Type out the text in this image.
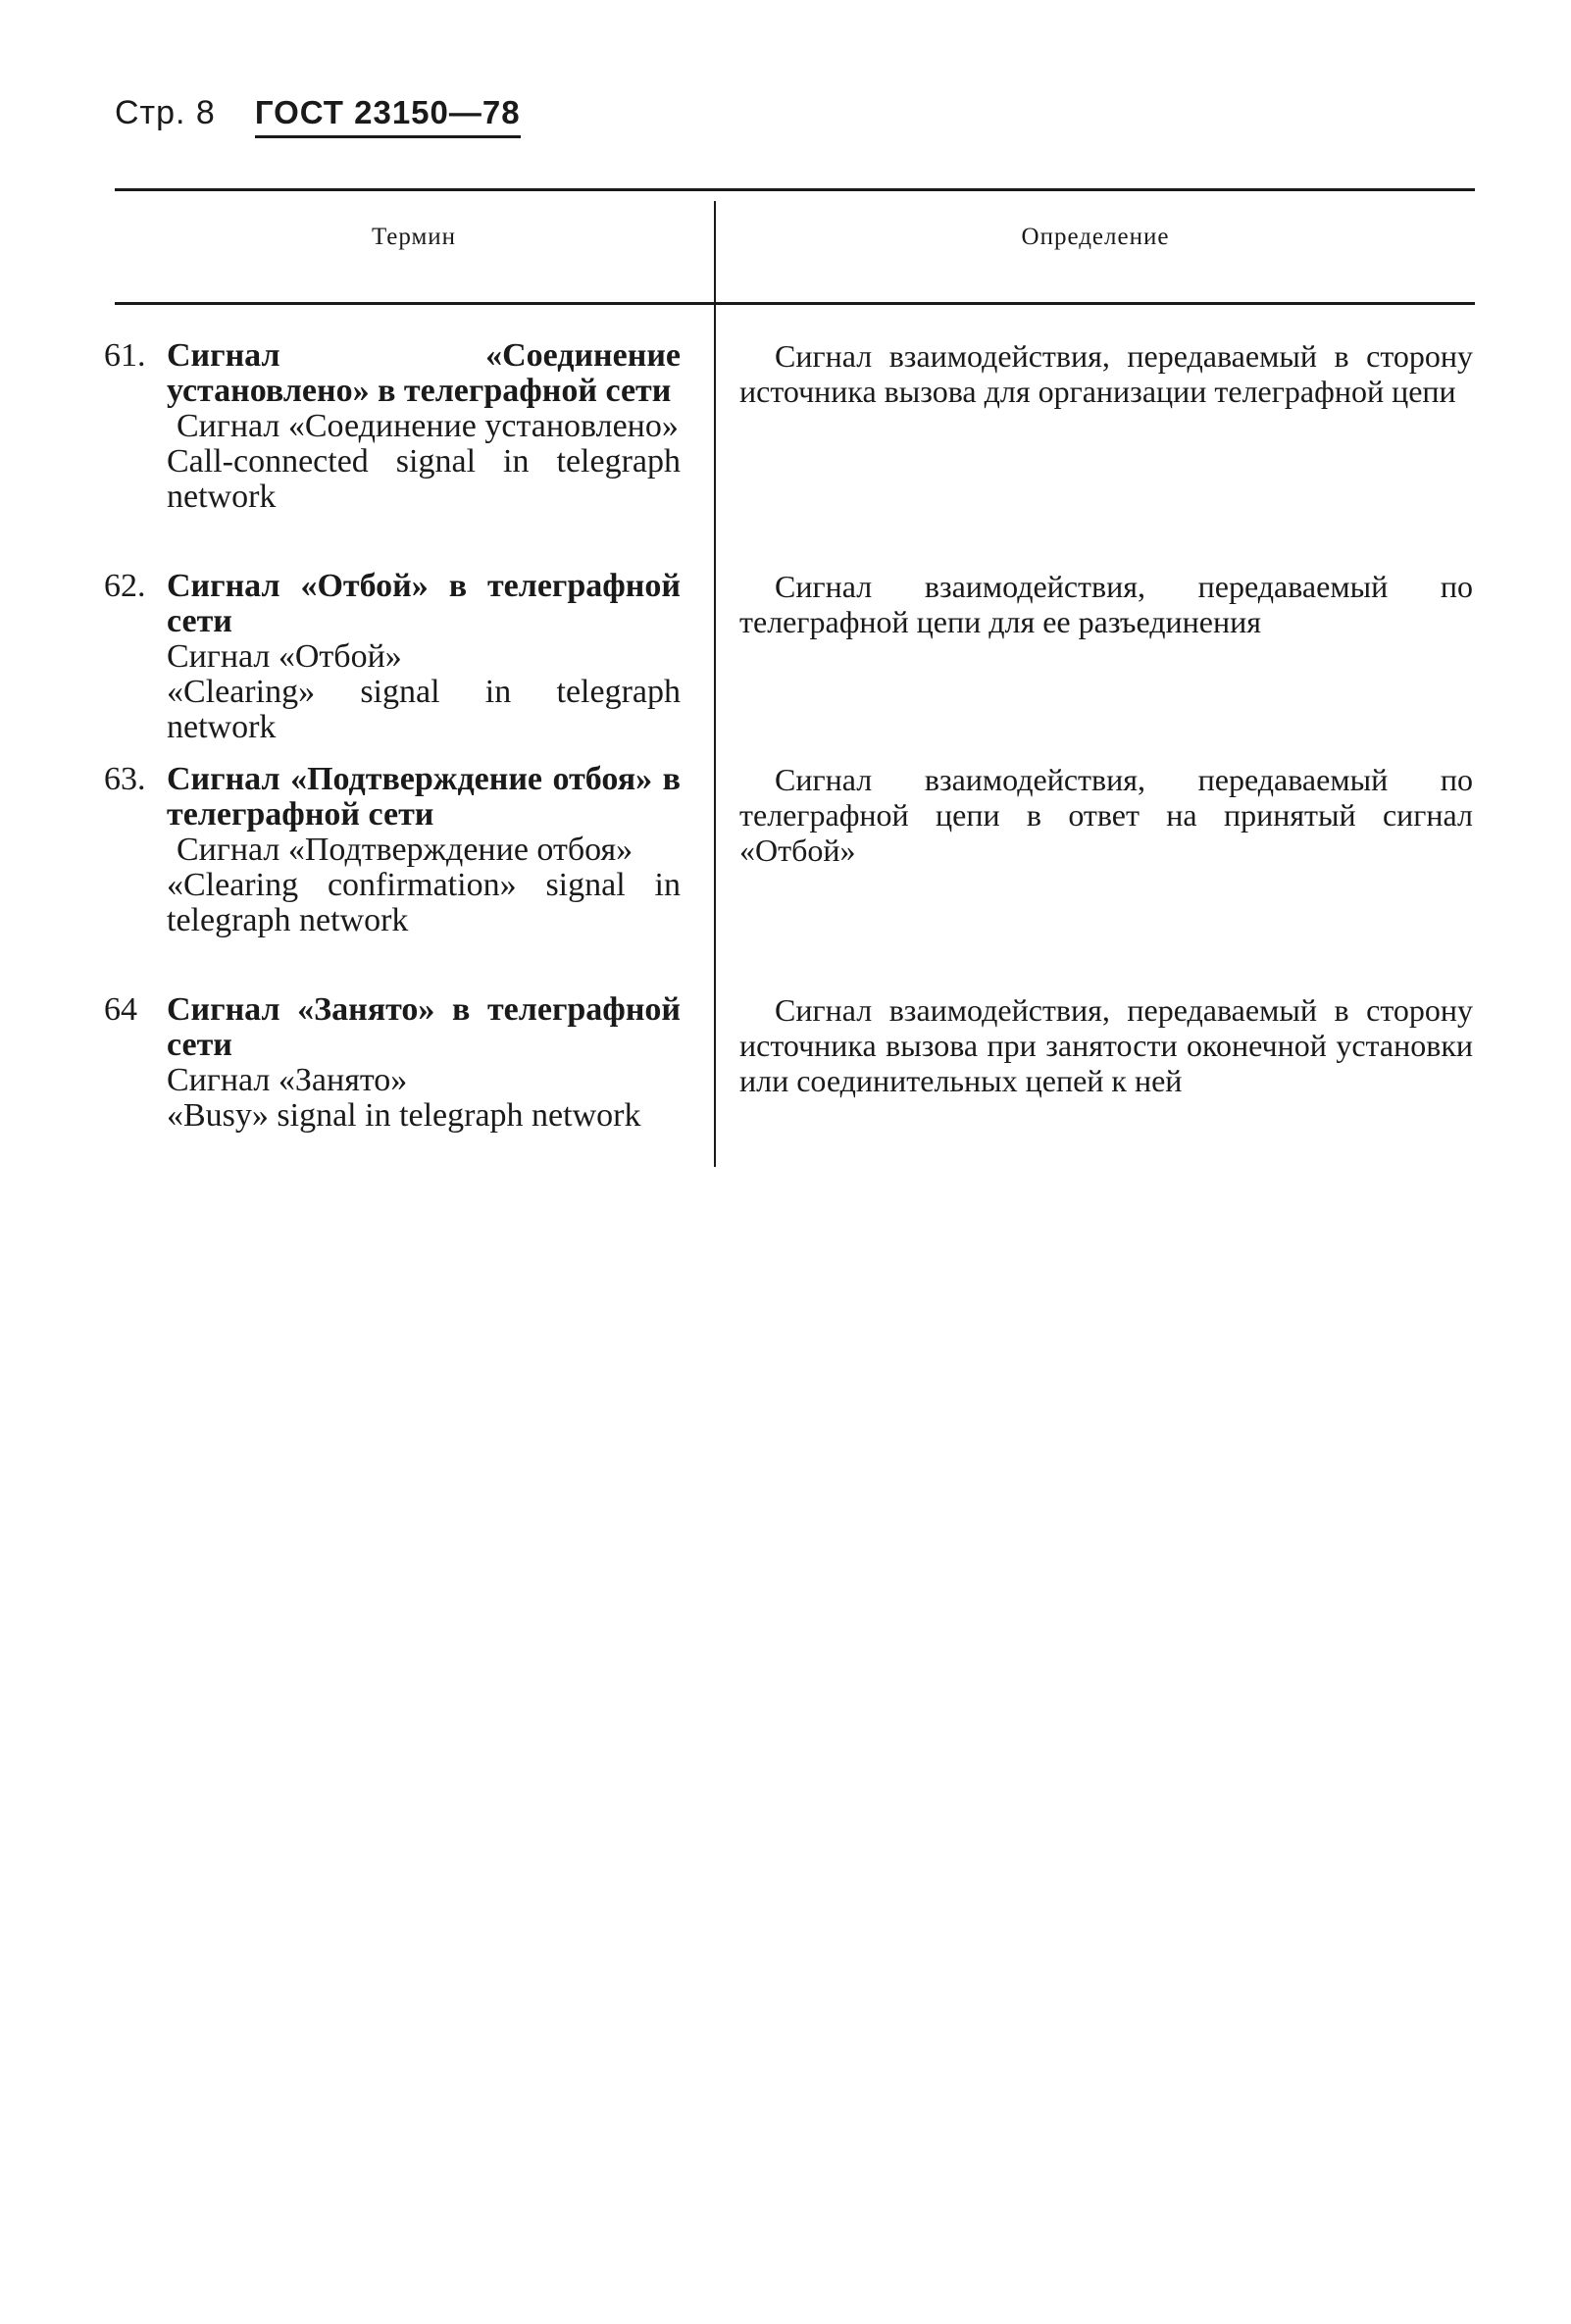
Стр. 8 ГОСТ 23150—78
Термин	Определение
61. Сигнал «Соединение установлено» в телеграфной сети
Сигнал «Соединение установлено»
Call-connected signal in telegraph network
Сигнал взаимодействия, передаваемый в сторону источника вызова для организации телеграфной цепи
62. Сигнал «Отбой» в телеграфной сети
Сигнал «Отбой»
«Clearing» signal in telegraph network
Сигнал взаимодействия, передаваемый по телеграфной цепи для ее разъединения
63. Сигнал «Подтверждение отбоя» в телеграфной сети
Сигнал «Подтверждение отбоя»
«Clearing confirmation» signal in telegraph network
Сигнал взаимодействия, передаваемый по телеграфной цепи в ответ на принятый сигнал «Отбой»
64 Сигнал «Занято» в телеграфной сети
Сигнал «Занято»
«Busy» signal in telegraph network
Сигнал взаимодействия, передаваемый в сторону источника вызова при занятости оконечной установки или соединительных цепей к ней
